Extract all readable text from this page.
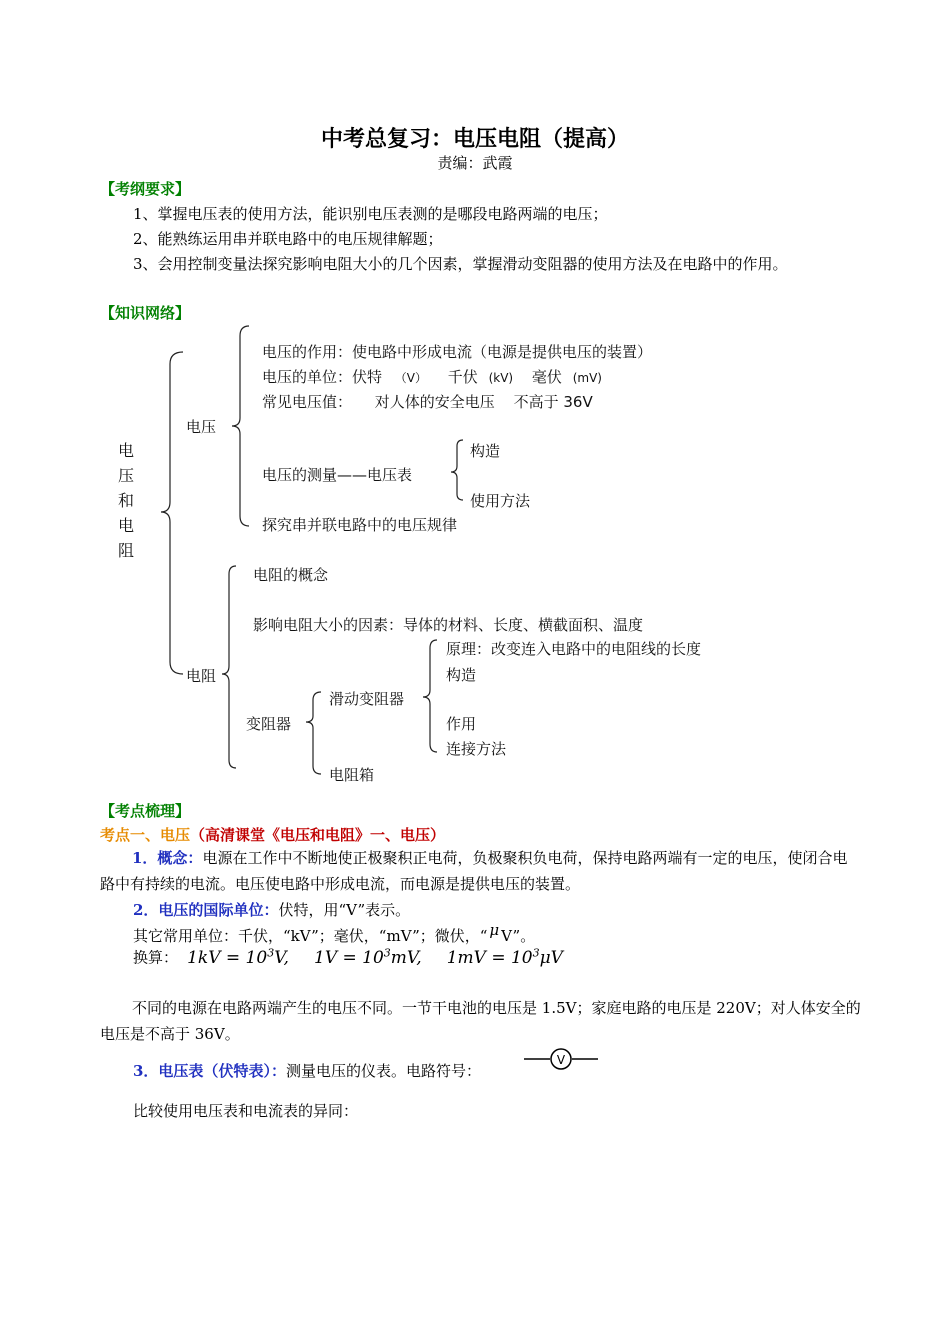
中考总复习：电压电阻（提高）
责编：武霞
【考纲要求】
1、掌握电压表的使用方法，能识别电压表测的是哪段电路两端的电压；
2、能熟练运用串并联电路中的电压规律解题；
3、会用控制变量法探究影响电阻大小的几个因素，掌握滑动变阻器的使用方法及在电路中的作用。
【知识网络】
电
压
和
电
阻
电压
电压的作用：使电路中形成电流（电源是提供电压的装置）
电压的单位：伏特 （V） 千伏 (kV) 毫伏 (mV)
常见电压值： 对人体的安全电压 不高于 36V
电压的测量——电压表
构造
使用方法
探究串并联电路中的电压规律
电阻
电阻的概念
影响电阻大小的因素：导体的材料、长度、横截面积、温度
变阻器
滑动变阻器
原理：改变连入电路中的电阻线的长度
构造
作用
连接方法
电阻箱
【考点梳理】
考点一、电压（高清课堂《电压和电阻》一、电压）
1．概念：电源在工作中不断地使正极聚积正电荷，负极聚积负电荷，保持电路两端有一定的电压，使闭合电路中有持续的电流。电压使电路中形成电流，而电源是提供电压的装置。
2．电压的国际单位：伏特，用“V”表示。
其它常用单位：千伏，“kV”；毫伏，“mV”；微伏，“ μ V”。
换算： $1kV = 10^3V$, $1V = 10^3mV$, $1mV = 10^3\mu V$
不同的电源在电路两端产生的电压不同。一节干电池的电压是 1.5V；家庭电路的电压是 220V；对人体安全的电压是不高于 36V。
3．电压表（伏特表）：测量电压的仪表。电路符号：
V
比较使用电压表和电流表的异同：
